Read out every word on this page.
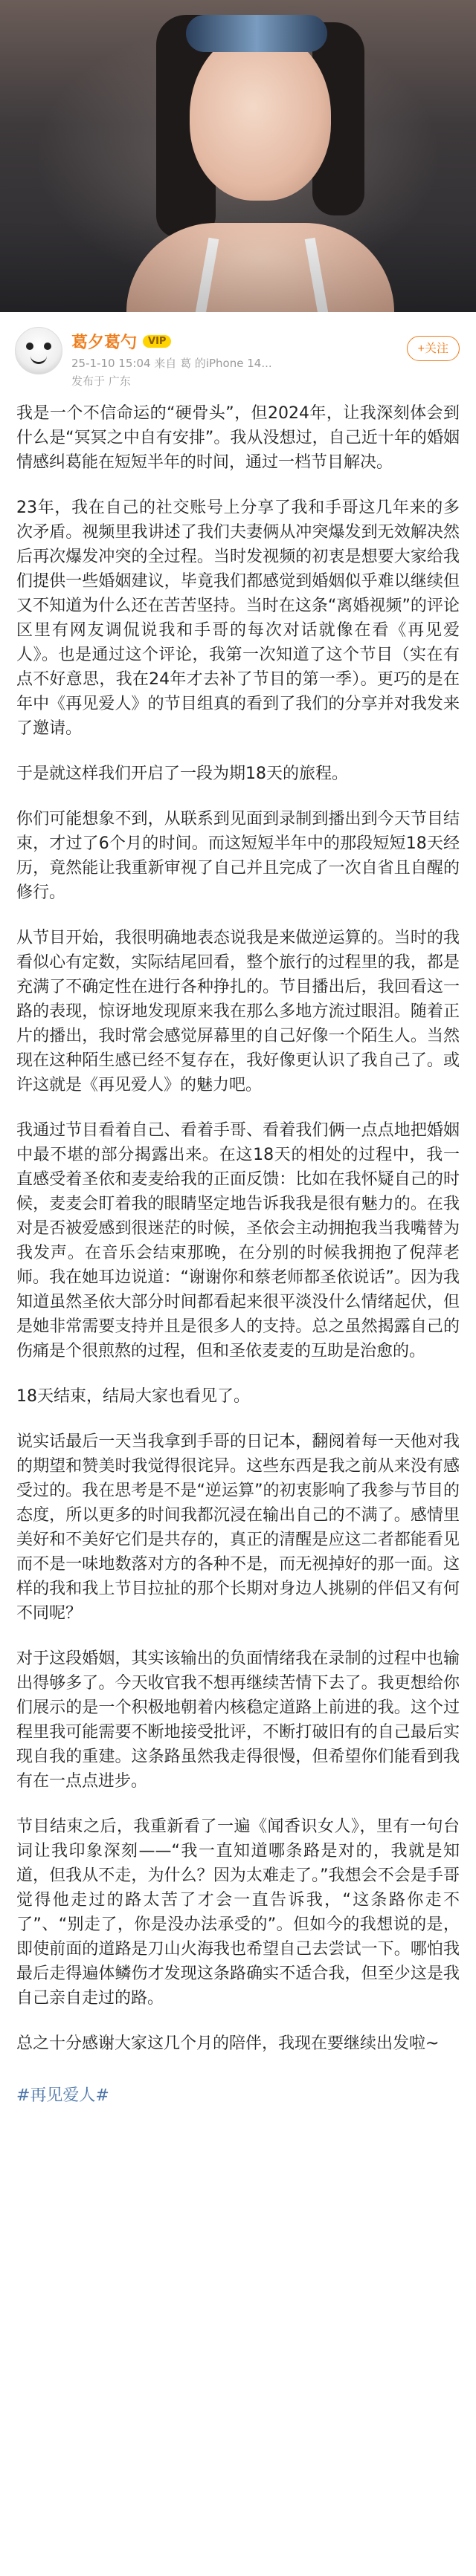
葛夕葛勺	VIP
25-1-10 15:04 来自 葛 的iPhone 14...
发布于 广东
+关注

我是一个不信命运的“硬骨头”，但2024年，让我深刻体会到什么是“冥冥之中自有安排”。我从没想过，自己近十年的婚姻情感纠葛能在短短半年的时间，通过一档节目解决。

23年，我在自己的社交账号上分享了我和手哥这几年来的多次矛盾。视频里我讲述了我们夫妻俩从冲突爆发到无效解决然后再次爆发冲突的全过程。当时发视频的初衷是想要大家给我们提供一些婚姻建议，毕竟我们都感觉到婚姻似乎难以继续但又不知道为什么还在苦苦坚持。当时在这条“离婚视频”的评论区里有网友调侃说我和手哥的每次对话就像在看《再见爱人》。也是通过这个评论，我第一次知道了这个节目（实在有点不好意思，我在24年才去补了节目的第一季）。更巧的是在年中《再见爱人》的节目组真的看到了我们的分享并对我发来了邀请。

于是就这样我们开启了一段为期18天的旅程。

你们可能想象不到，从联系到见面到录制到播出到今天节目结束，才过了6个月的时间。而这短短半年中的那段短短18天经历，竟然能让我重新审视了自己并且完成了一次自省且自醒的修行。

从节目开始，我很明确地表态说我是来做逆运算的。当时的我看似心有定数，实际结尾回看，整个旅行的过程里的我，都是充满了不确定性在进行各种挣扎的。节目播出后，我回看这一路的表现，惊讶地发现原来我在那么多地方流过眼泪。随着正片的播出，我时常会感觉屏幕里的自己好像一个陌生人。当然现在这种陌生感已经不复存在，我好像更认识了我自己了。或许这就是《再见爱人》的魅力吧。

我通过节目看着自己、看着手哥、看着我们俩一点点地把婚姻中最不堪的部分揭露出来。在这18天的相处的过程中，我一直感受着圣依和麦麦给我的正面反馈：比如在我怀疑自己的时候，麦麦会盯着我的眼睛坚定地告诉我我是很有魅力的。在我对是否被爱感到很迷茫的时候，圣依会主动拥抱我当我嘴替为我发声。在音乐会结束那晚，在分别的时候我拥抱了倪萍老师。我在她耳边说道：“谢谢你和蔡老师都圣依说话”。因为我知道虽然圣依大部分时间都看起来很平淡没什么情绪起伏，但是她非常需要支持并且是很多人的支持。总之虽然揭露自己的伤痛是个很煎熬的过程，但和圣依麦麦的互助是治愈的。

18天结束，结局大家也看见了。

说实话最后一天当我拿到手哥的日记本，翻阅着每一天他对我的期望和赞美时我觉得很诧异。这些东西是我之前从来没有感受过的。我在思考是不是“逆运算”的初衷影响了我参与节目的态度，所以更多的时间我都沉浸在输出自己的不满了。感情里美好和不美好它们是共存的，真正的清醒是应这二者都能看见而不是一味地数落对方的各种不是，而无视掉好的那一面。这样的我和我上节目拉扯的那个长期对身边人挑剔的伴侣又有何不同呢？

对于这段婚姻，其实该输出的负面情绪我在录制的过程中也输出得够多了。今天收官我不想再继续苦情下去了。我更想给你们展示的是一个积极地朝着内核稳定道路上前进的我。这个过程里我可能需要不断地接受批评，不断打破旧有的自己最后实现自我的重建。这条路虽然我走得很慢，但希望你们能看到我有在一点点进步。

节目结束之后，我重新看了一遍《闻香识女人》，里有一句台词让我印象深刻——“我一直知道哪条路是对的，我就是知道，但我从不走，为什么？因为太难走了。”我想会不会是手哥觉得他走过的路太苦了才会一直告诉我，“这条路你走不了”、“别走了，你是没办法承受的”。但如今的我想说的是，即使前面的道路是刀山火海我也希望自己去尝试一下。哪怕我最后走得遍体鳞伤才发现这条路确实不适合我，但至少这是我自己亲自走过的路。

总之十分感谢大家这几个月的陪伴，我现在要继续出发啦~

#再见爱人#
